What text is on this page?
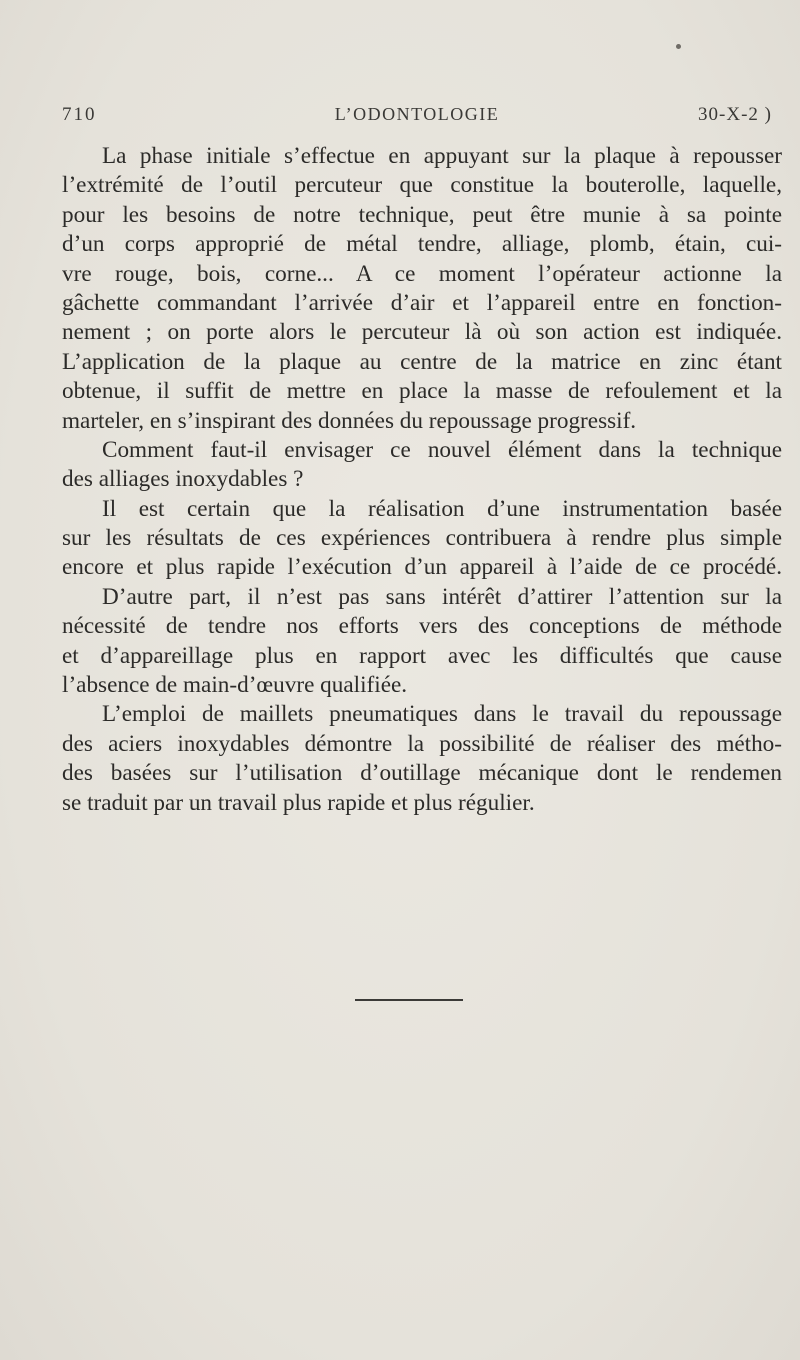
710	L’ODONTOLOGIE	30-X-2 )

La phase initiale s’effectue en appuyant sur la plaque à repousser
l’extrémité de l’outil percuteur que constitue la bouterolle, laquelle,
pour les besoins de notre technique, peut être munie à sa pointe
d’un corps approprié de métal tendre, alliage, plomb, étain, cui-
vre rouge, bois, corne... A ce moment l’opérateur actionne la
gâchette commandant l’arrivée d’air et l’appareil entre en fonction-
nement ; on porte alors le percuteur là où son action est indiquée.
L’application de la plaque au centre de la matrice en zinc étant
obtenue, il suffit de mettre en place la masse de refoulement et la
marteler, en s’inspirant des données du repoussage progressif.

Comment faut-il envisager ce nouvel élément dans la technique
des alliages inoxydables ?

Il est certain que la réalisation d’une instrumentation basée
sur les résultats de ces expériences contribuera à rendre plus simple
encore et plus rapide l’exécution d’un appareil à l’aide de ce procédé.

D’autre part, il n’est pas sans intérêt d’attirer l’attention sur la
nécessité de tendre nos efforts vers des conceptions de méthode
et d’appareillage plus en rapport avec les difficultés que cause
l’absence de main-d’œuvre qualifiée.

L’emploi de maillets pneumatiques dans le travail du repoussage
des aciers inoxydables démontre la possibilité de réaliser des métho-
des basées sur l’utilisation d’outillage mécanique dont le rendemen
se traduit par un travail plus rapide et plus régulier.
